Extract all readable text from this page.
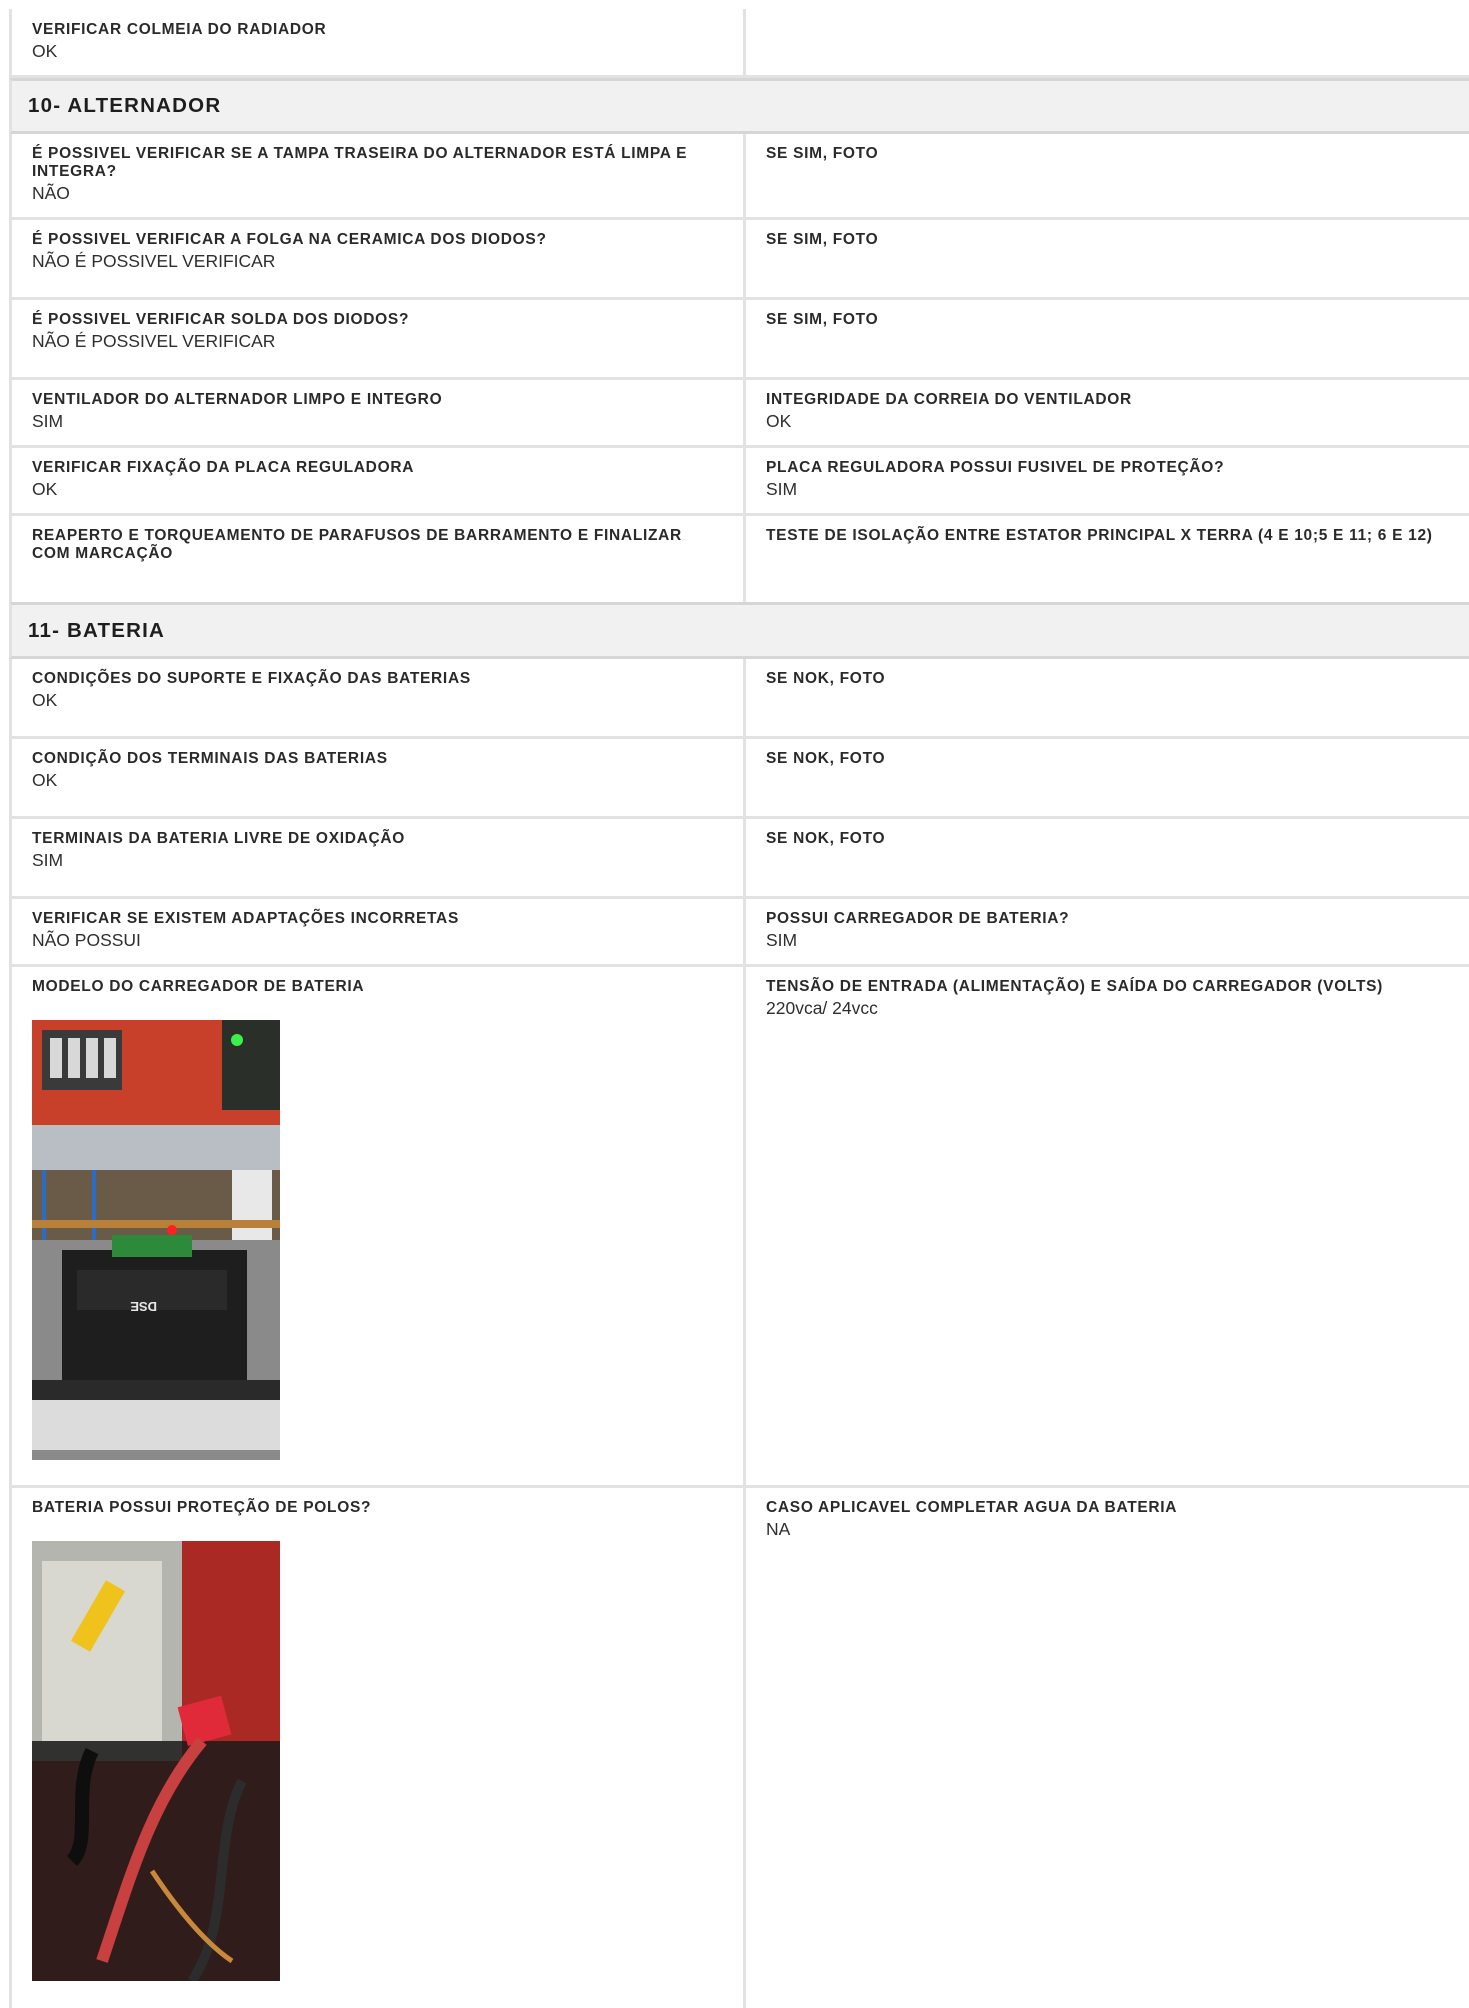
VERIFICAR COLMEIA DO RADIADOR
OK
10- ALTERNADOR
É POSSIVEL VERIFICAR SE A TAMPA TRASEIRA DO ALTERNADOR ESTÁ LIMPA E INTEGRA?
NÃO
SE SIM, FOTO
É POSSIVEL VERIFICAR A FOLGA NA CERAMICA DOS DIODOS?
NÃO É POSSIVEL VERIFICAR
SE SIM, FOTO
É POSSIVEL VERIFICAR SOLDA DOS DIODOS?
NÃO É POSSIVEL VERIFICAR
SE SIM, FOTO
VENTILADOR DO ALTERNADOR LIMPO E INTEGRO
SIM
INTEGRIDADE DA CORREIA DO VENTILADOR
OK
VERIFICAR FIXAÇÃO DA PLACA REGULADORA
OK
PLACA REGULADORA POSSUI FUSIVEL DE PROTEÇÃO?
SIM
REAPERTO E TORQUEAMENTO DE PARAFUSOS DE BARRAMENTO E FINALIZAR COM MARCAÇÃO
TESTE DE ISOLAÇÃO ENTRE ESTATOR PRINCIPAL X TERRA (4 E 10;5 E 11; 6 E 12)
11- BATERIA
CONDIÇÕES DO SUPORTE E FIXAÇÃO DAS BATERIAS
OK
SE NOK, FOTO
CONDIÇÃO DOS TERMINAIS DAS BATERIAS
OK
SE NOK, FOTO
TERMINAIS DA BATERIA LIVRE DE OXIDAÇÃO
SIM
SE NOK, FOTO
VERIFICAR SE EXISTEM ADAPTAÇÕES INCORRETAS
NÃO POSSUI
POSSUI CARREGADOR DE BATERIA?
SIM
MODELO DO CARREGADOR DE BATERIA
DSE
TENSÃO DE ENTRADA (ALIMENTAÇÃO) E SAÍDA DO CARREGADOR (VOLTS)
220vca/ 24vcc
BATERIA POSSUI PROTEÇÃO DE POLOS?	CASO APLICAVEL COMPLETAR AGUA DA BATERIA
NA
